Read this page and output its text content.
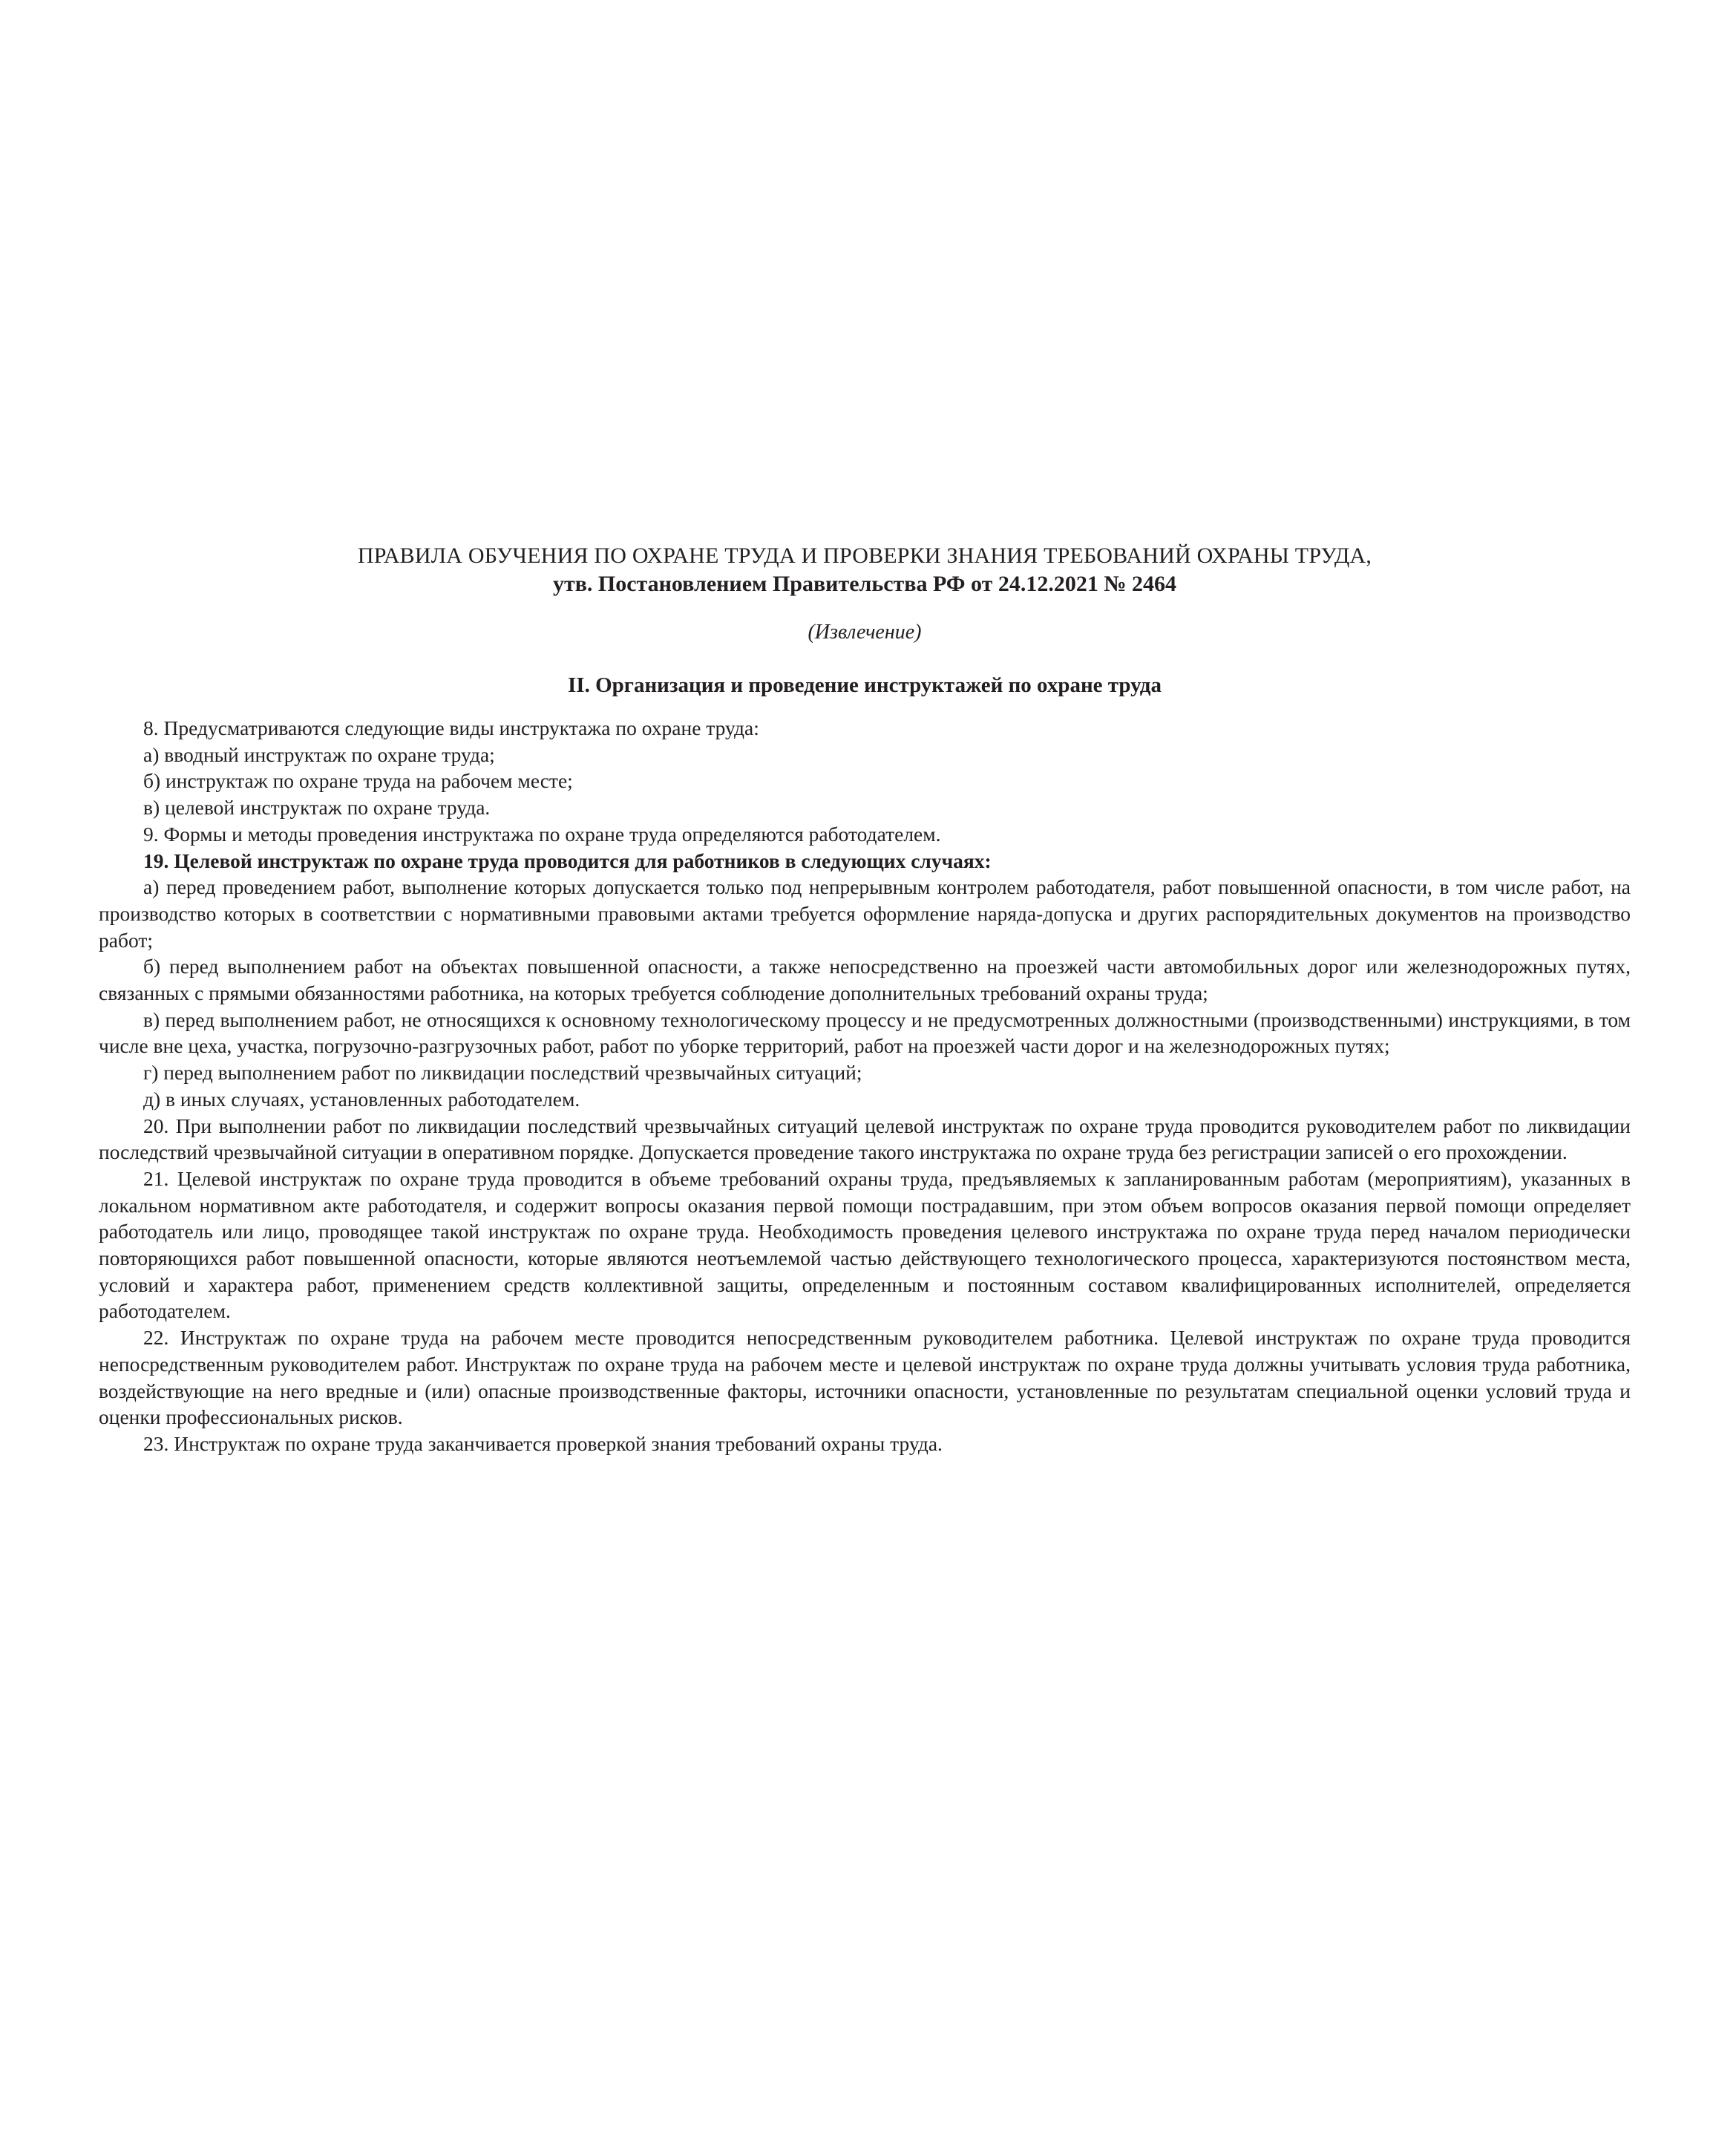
ПРАВИЛА ОБУЧЕНИЯ ПО ОХРАНЕ ТРУДА И ПРОВЕРКИ ЗНАНИЯ ТРЕБОВАНИЙ ОХРАНЫ ТРУДА,
утв. Постановлением Правительства РФ от 24.12.2021 № 2464

(Извлечение)

II. Организация и проведение инструктажей по охране труда

8. Предусматриваются следующие виды инструктажа по охране труда:

а) вводный инструктаж по охране труда;

б) инструктаж по охране труда на рабочем месте;

в) целевой инструктаж по охране труда.

9. Формы и методы проведения инструктажа по охране труда определяются работодателем.

19. Целевой инструктаж по охране труда проводится для работников в следующих случаях:

а) перед проведением работ, выполнение которых допускается только под непрерывным контролем работодателя, работ повышенной опасности, в том числе работ, на производство которых в соответствии с нормативными правовыми актами требуется оформление наряда-допуска и других распорядительных документов на производство работ;

б) перед выполнением работ на объектах повышенной опасности, а также непосредственно на проезжей части автомобильных дорог или железнодорожных путях, связанных с прямыми обязанностями работника, на которых требуется соблюдение дополнительных требований охраны труда;

в) перед выполнением работ, не относящихся к основному технологическому процессу и не предусмотренных должностными (производственными) инструкциями, в том числе вне цеха, участка, погрузочно-разгрузочных работ, работ по уборке территорий, работ на проезжей части дорог и на железнодорожных путях;

г) перед выполнением работ по ликвидации последствий чрезвычайных ситуаций;

д) в иных случаях, установленных работодателем.

20. При выполнении работ по ликвидации последствий чрезвычайных ситуаций целевой инструктаж по охране труда проводится руководителем работ по ликвидации последствий чрезвычайной ситуации в оперативном порядке. Допускается проведение такого инструктажа по охране труда без регистрации записей о его прохождении.

21. Целевой инструктаж по охране труда проводится в объеме требований охраны труда, предъявляемых к запланированным работам (мероприятиям), указанных в локальном нормативном акте работодателя, и содержит вопросы оказания первой помощи пострадавшим, при этом объем вопросов оказания первой помощи определяет работодатель или лицо, проводящее такой инструктаж по охране труда. Необходимость проведения целевого инструктажа по охране труда перед началом периодически повторяющихся работ повышенной опасности, которые являются неотъемлемой частью действующего технологического процесса, характеризуются постоянством места, условий и характера работ, применением средств коллективной защиты, определенным и постоянным составом квалифицированных исполнителей, определяется работодателем.

22. Инструктаж по охране труда на рабочем месте проводится непосредственным руководителем работника. Целевой инструктаж по охране труда проводится непосредственным руководителем работ. Инструктаж по охране труда на рабочем месте и целевой инструктаж по охране труда должны учитывать условия труда работника, воздействующие на него вредные и (или) опасные производственные факторы, источники опасности, установленные по результатам специальной оценки условий труда и оценки профессиональных рисков.

23. Инструктаж по охране труда заканчивается проверкой знания требований охраны труда.
